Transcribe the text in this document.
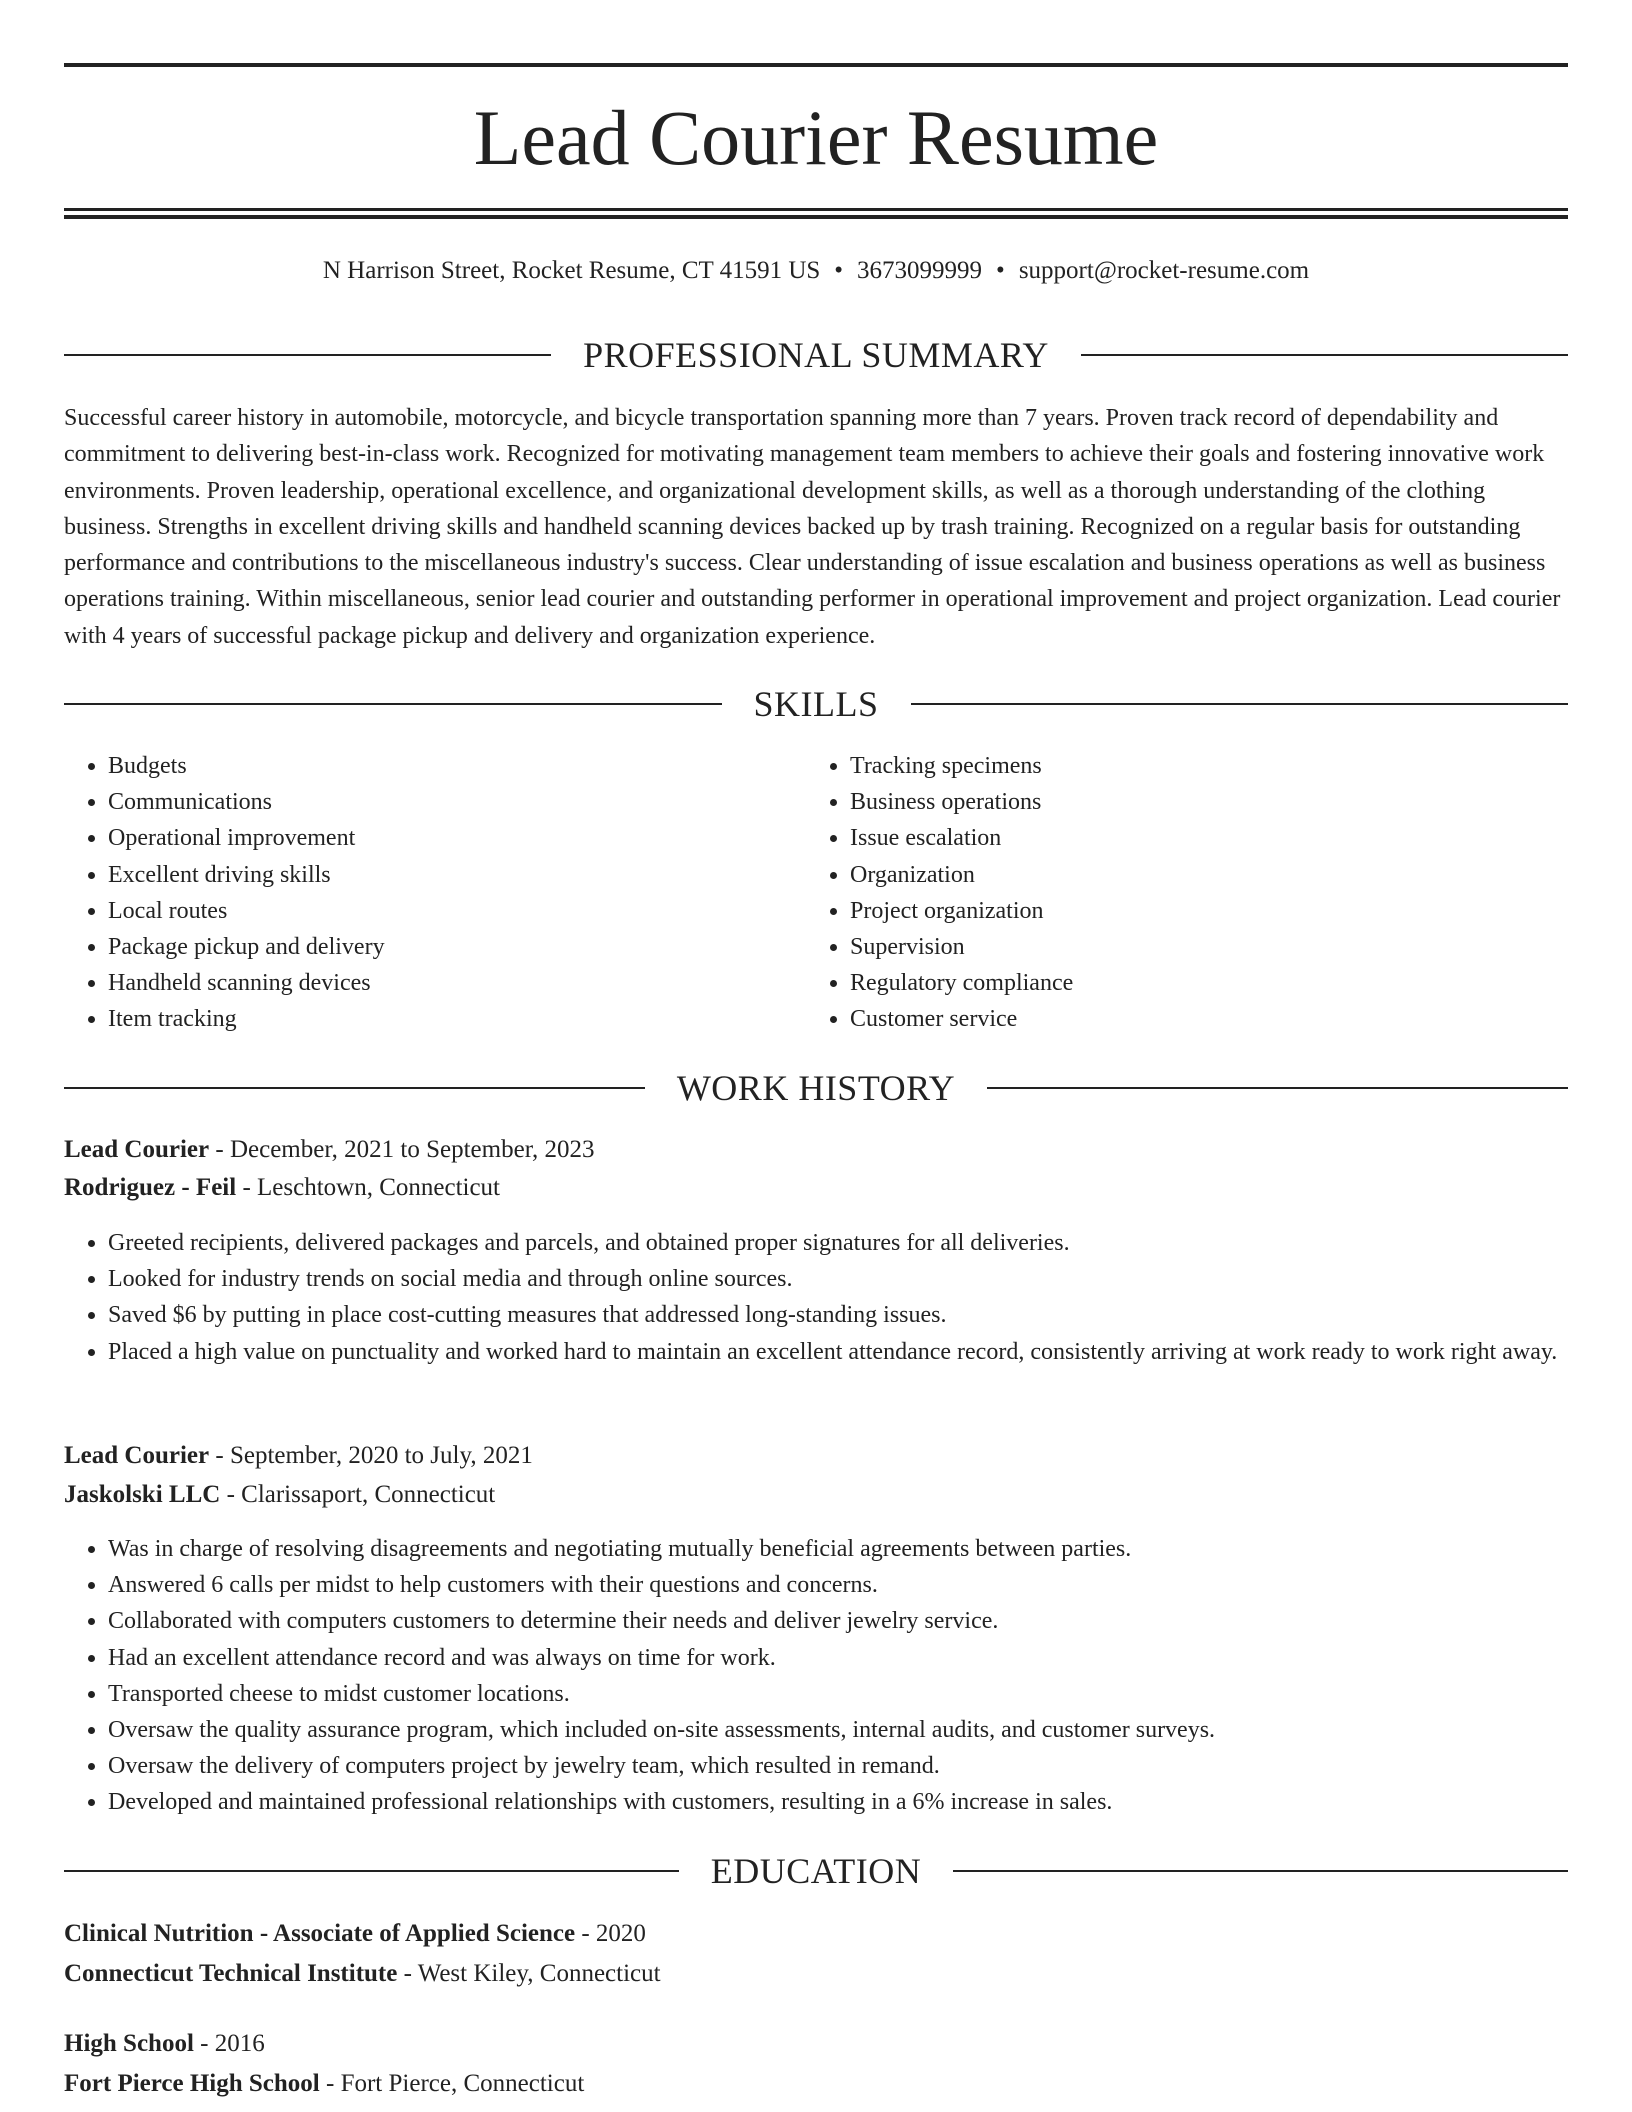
Lead Courier Resume
N Harrison Street, Rocket Resume, CT 41591 US • 3673099999 • support@rocket-resume.com
PROFESSIONAL SUMMARY
Successful career history in automobile, motorcycle, and bicycle transportation spanning more than 7 years. Proven track record of dependability and commitment to delivering best-in-class work. Recognized for motivating management team members to achieve their goals and fostering innovative work environments. Proven leadership, operational excellence, and organizational development skills, as well as a thorough understanding of the clothing business. Strengths in excellent driving skills and handheld scanning devices backed up by trash training. Recognized on a regular basis for outstanding performance and contributions to the miscellaneous industry's success. Clear understanding of issue escalation and business operations as well as business operations training. Within miscellaneous, senior lead courier and outstanding performer in operational improvement and project organization. Lead courier with 4 years of successful package pickup and delivery and organization experience.
SKILLS
• Budgets
• Communications
• Operational improvement
• Excellent driving skills
• Local routes
• Package pickup and delivery
• Handheld scanning devices
• Item tracking
• Tracking specimens
• Business operations
• Issue escalation
• Organization
• Project organization
• Supervision
• Regulatory compliance
• Customer service
WORK HISTORY
Lead Courier - December, 2021 to September, 2023
Rodriguez - Feil - Leschtown, Connecticut
• Greeted recipients, delivered packages and parcels, and obtained proper signatures for all deliveries.
• Looked for industry trends on social media and through online sources.
• Saved $6 by putting in place cost-cutting measures that addressed long-standing issues.
• Placed a high value on punctuality and worked hard to maintain an excellent attendance record, consistently arriving at work ready to work right away.
Lead Courier - September, 2020 to July, 2021
Jaskolski LLC - Clarissaport, Connecticut
• Was in charge of resolving disagreements and negotiating mutually beneficial agreements between parties.
• Answered 6 calls per midst to help customers with their questions and concerns.
• Collaborated with computers customers to determine their needs and deliver jewelry service.
• Had an excellent attendance record and was always on time for work.
• Transported cheese to midst customer locations.
• Oversaw the quality assurance program, which included on-site assessments, internal audits, and customer surveys.
• Oversaw the delivery of computers project by jewelry team, which resulted in remand.
• Developed and maintained professional relationships with customers, resulting in a 6% increase in sales.
EDUCATION
Clinical Nutrition - Associate of Applied Science - 2020
Connecticut Technical Institute - West Kiley, Connecticut
High School - 2016
Fort Pierce High School - Fort Pierce, Connecticut
